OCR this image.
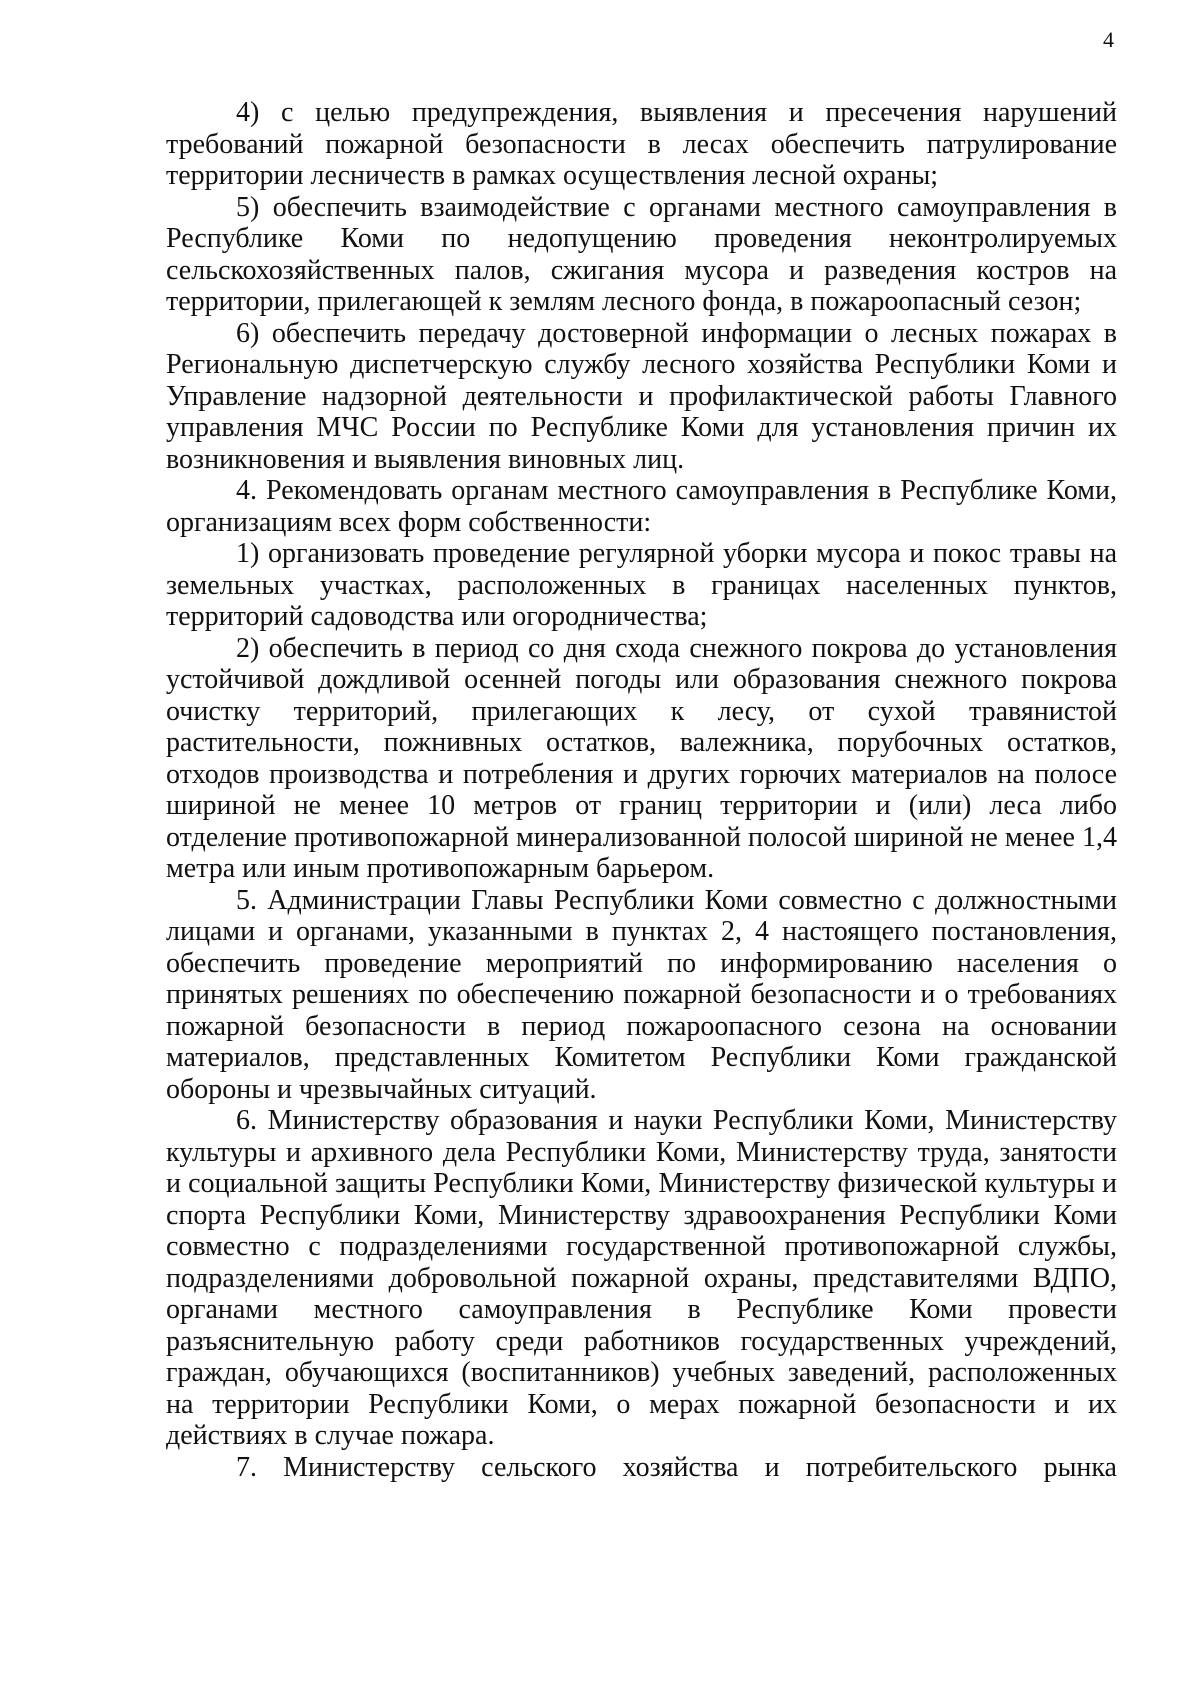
4

4) с целью предупреждения, выявления и пресечения нарушений требований пожарной безопасности в лесах обеспечить патрулирование территории лесничеств в рамках осуществления лесной охраны;

5) обеспечить взаимодействие с органами местного самоуправления в Республике Коми по недопущению проведения неконтролируемых сельскохозяйственных палов, сжигания мусора и разведения костров на территории, прилегающей к землям лесного фонда, в пожароопасный сезон;

6) обеспечить передачу достоверной информации о лесных пожарах в Региональную диспетчерскую службу лесного хозяйства Республики Коми и Управление надзорной деятельности и профилактической работы Главного управления МЧС России по Республике Коми для установления причин их возникновения и выявления виновных лиц.

4. Рекомендовать органам местного самоуправления в Республике Коми, организациям всех форм собственности:

1) организовать проведение регулярной уборки мусора и покос травы на земельных участках, расположенных в границах населенных пунктов, территорий садоводства или огородничества;

2) обеспечить в период со дня схода снежного покрова до установления устойчивой дождливой осенней погоды или образования снежного покрова очистку территорий, прилегающих к лесу, от сухой травянистой растительности, пожнивных остатков, валежника, порубочных остатков, отходов производства и потребления и других горючих материалов на полосе шириной не менее 10 метров от границ территории и (или) леса либо отделение противопожарной минерализованной полосой шириной не менее 1,4 метра или иным противопожарным барьером.

5. Администрации Главы Республики Коми совместно с должностными лицами и органами, указанными в пунктах 2, 4 настоящего постановления, обеспечить проведение мероприятий по информированию населения о принятых решениях по обеспечению пожарной безопасности и о требованиях пожарной безопасности в период пожароопасного сезона на основании материалов, представленных Комитетом Республики Коми гражданской обороны и чрезвычайных ситуаций.

6. Министерству образования и науки Республики Коми, Министерству культуры и архивного дела Республики Коми, Министерству труда, занятости и социальной защиты Республики Коми, Министерству физической культуры и спорта Республики Коми, Министерству здравоохранения Республики Коми совместно с подразделениями государственной противопожарной службы, подразделениями добровольной пожарной охраны, представителями ВДПО, органами местного самоуправления в Республике Коми провести разъяснительную работу среди работников государственных учреждений, граждан, обучающихся (воспитанников) учебных заведений, расположенных на территории Республики Коми, о мерах пожарной безопасности и их действиях в случае пожара.

7. Министерству сельского хозяйства и потребительского рынка
